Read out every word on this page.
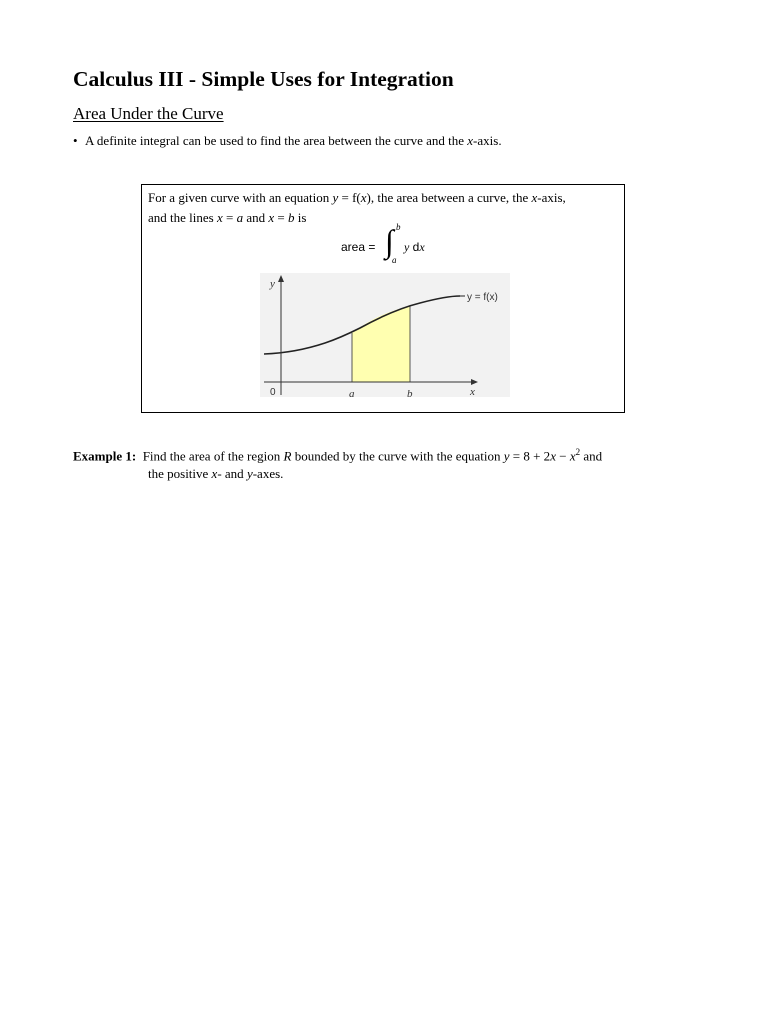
Calculus III - Simple Uses for Integration
Area Under the Curve
• A definite integral can be used to find the area between the curve and the x-axis.
For a given curve with an equation y = f(x), the area between a curve, the x-axis,
and the lines x = a and x = b is
area = ∫ b
a
y dx
y
x
0	a	b
y = f(x)
Example 1:  Find the area of the region R bounded by the curve with the equation $y = 8 + 2x - x^2$ and
the positive x- and y-axes.
